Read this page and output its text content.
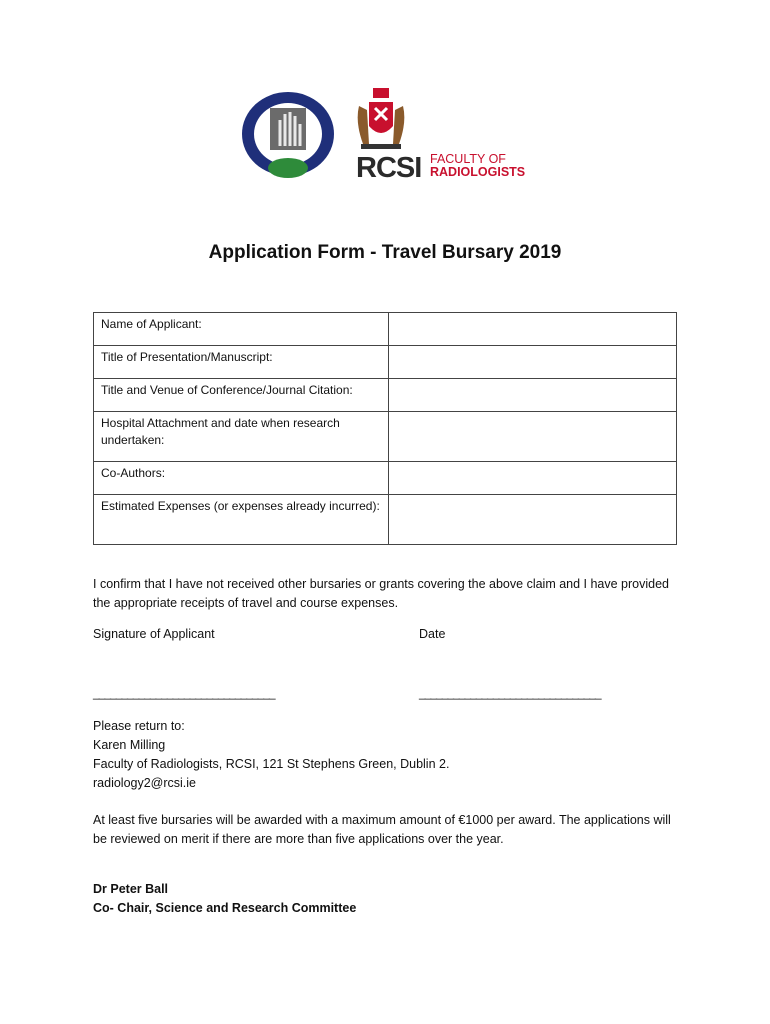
RCSI FACULTY OF
RADIOLOGISTS
Application Form - Travel Bursary 2019
Name of Applicant:	
Title of Presentation/Manuscript:	
Title and Venue of Conference/Journal Citation:	
Hospital Attachment and date when research undertaken:	
Co-Authors:	
Estimated Expenses (or expenses already incurred):	

I confirm that I have not received other bursaries or grants covering the above claim and I have provided the appropriate receipts of travel and course expenses.

Signature of Applicant	Date
________________________________	________________________________
Please return to:
Karen Milling
Faculty of Radiologists, RCSI, 121 St Stephens Green, Dublin 2.
radiology2@rcsi.ie

At least five bursaries will be awarded with a maximum amount of €1000 per award. The applications will be reviewed on merit if there are more than five applications over the year.

Dr Peter Ball
Co- Chair, Science and Research Committee
